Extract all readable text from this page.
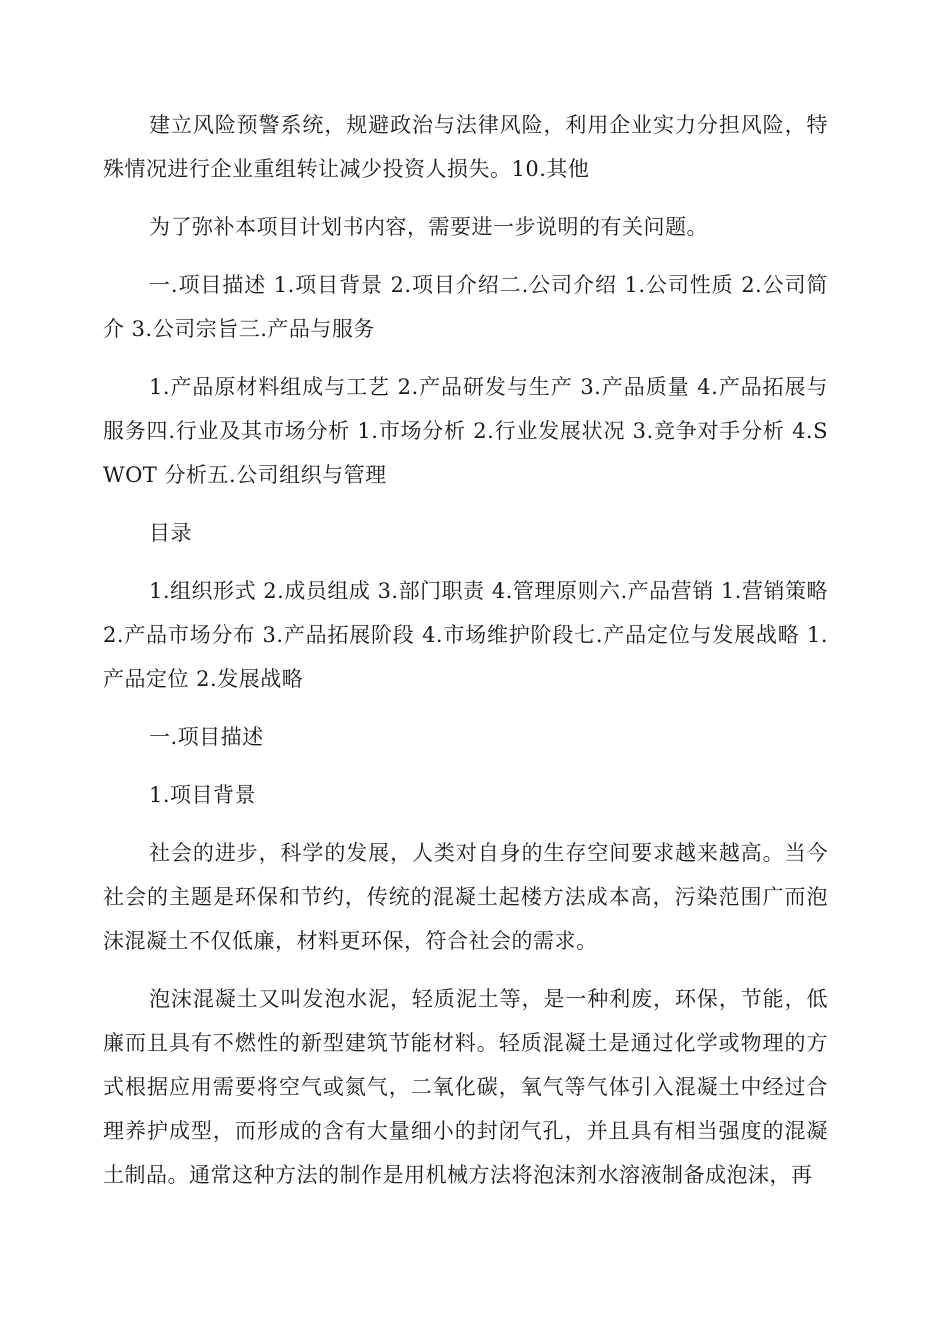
建立风险预警系统，规避政治与法律风险，利用企业实力分担风险，特殊情况进行企业重组转让减少投资人损失。10.其他

为了弥补本项目计划书内容，需要进一步说明的有关问题。

一.项目描述 1.项目背景 2.项目介绍二.公司介绍 1.公司性质 2.公司简介 3.公司宗旨三.产品与服务

1.产品原材料组成与工艺 2.产品研发与生产 3.产品质量 4.产品拓展与服务四.行业及其市场分析 1.市场分析 2.行业发展状况 3.竞争对手分析 4.SWOT 分析五.公司组织与管理

目录

1.组织形式 2.成员组成 3.部门职责 4.管理原则六.产品营销 1.营销策略 2.产品市场分布 3.产品拓展阶段 4.市场维护阶段七.产品定位与发展战略 1.产品定位 2.发展战略

一.项目描述

1.项目背景

社会的进步，科学的发展，人类对自身的生存空间要求越来越高。当今社会的主题是环保和节约，传统的混凝土起楼方法成本高，污染范围广而泡沫混凝土不仅低廉，材料更环保，符合社会的需求。

泡沫混凝土又叫发泡水泥，轻质泥土等，是一种利废，环保，节能，低廉而且具有不燃性的新型建筑节能材料。轻质混凝土是通过化学或物理的方式根据应用需要将空气或氮气，二氧化碳，氧气等气体引入混凝土中经过合理养护成型，而形成的含有大量细小的封闭气孔，并且具有相当强度的混凝土制品。通常这种方法的制作是用机械方法将泡沫剂水溶液制备成泡沫，再
